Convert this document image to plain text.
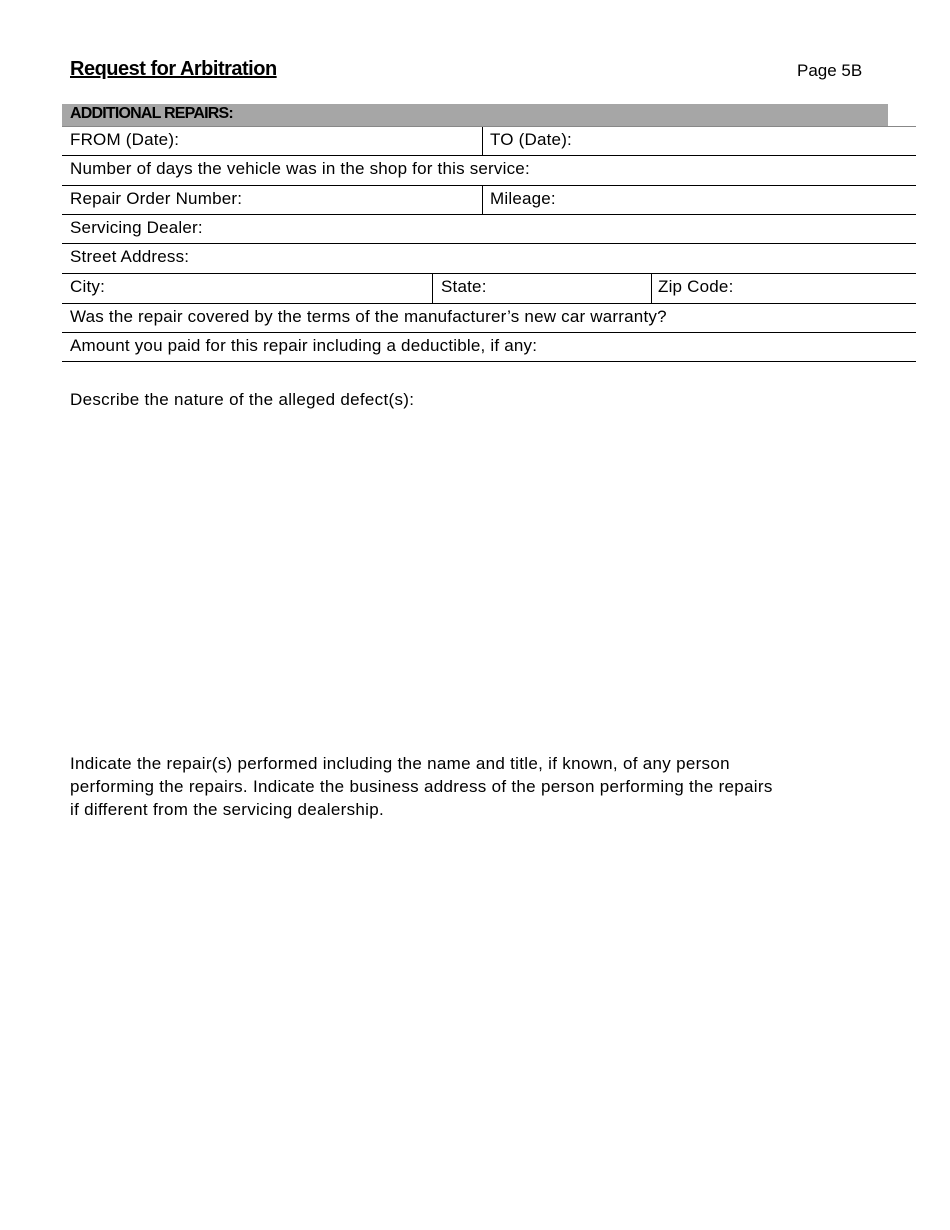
Request for Arbitration	Page 5B
ADDITIONAL REPAIRS:
FROM (Date):	TO (Date):
Number of days the vehicle was in the shop for this service:
Repair Order Number:	Mileage:
Servicing Dealer:
Street Address:
City:	State:	Zip Code:
Was the repair covered by the terms of the manufacturer’s new car warranty?
Amount you paid for this repair including a deductible, if any:
Describe the nature of the alleged defect(s):
Indicate the repair(s) performed including the name and title, if known, of any person
performing the repairs. Indicate the business address of the person performing the repairs
if different from the servicing dealership.
